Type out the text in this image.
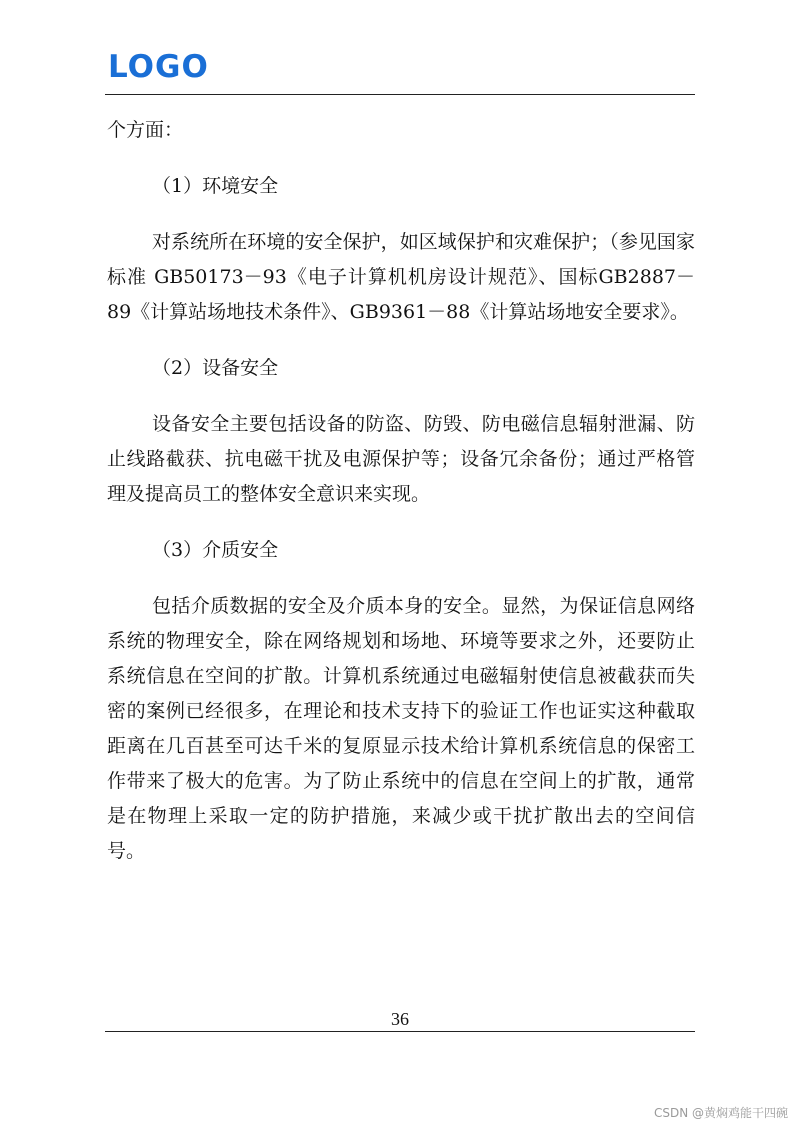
LOGO

个方面：

（1）环境安全

对系统所在环境的安全保护，如区域保护和灾难保护；（参见国家标准 GB50173－93《电子计算机机房设计规范》、国标GB2887－89《计算站场地技术条件》、GB9361－88《计算站场地安全要求》。

（2）设备安全

设备安全主要包括设备的防盗、防毁、防电磁信息辐射泄漏、防止线路截获、抗电磁干扰及电源保护等；设备冗余备份；通过严格管理及提高员工的整体安全意识来实现。

（3）介质安全

包括介质数据的安全及介质本身的安全。显然，为保证信息网络系统的物理安全，除在网络规划和场地、环境等要求之外，还要防止系统信息在空间的扩散。计算机系统通过电磁辐射使信息被截获而失密的案例已经很多，在理论和技术支持下的验证工作也证实这种截取距离在几百甚至可达千米的复原显示技术给计算机系统信息的保密工作带来了极大的危害。为了防止系统中的信息在空间上的扩散，通常是在物理上采取一定的防护措施，来减少或干扰扩散出去的空间信号。

36
CSDN @黄焖鸡能干四碗
